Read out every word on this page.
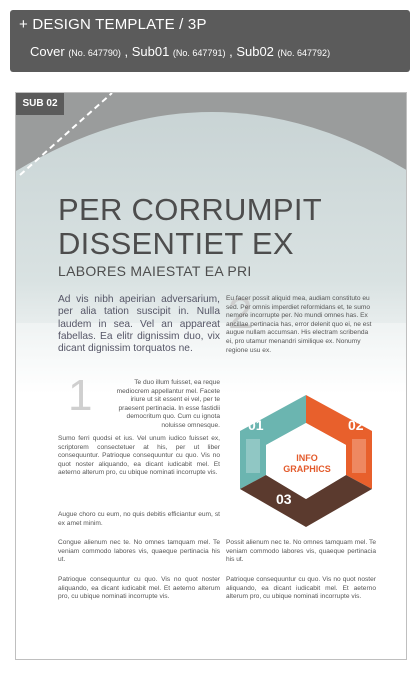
+ DESIGN TEMPLATE / 3P
Cover (No. 647790) , Sub01 (No. 647791) , Sub02 (No. 647792)
SUB 02
PER CORRUMPIT
DISSENTIET EX
LABORES MAIESTAT EA PRI
Ad vis nibh apeirian adversarium, per alia tation suscipit in. Nulla laudem in sea. Vel an appareat fabellas. Ea elitr dignissim duo, vix dicant dignissim torquatos ne.
2
1	Te duo illum fuisset, ea reque mediocrem appellantur mel. Facete iriure ut sit essent ei vel, per te praesent pertinacia. In esse fastidii democritum quo. Cum cu ignota noluisse omnesque.
Sumo ferri quodsi et ius. Vel unum iudico fuisset ex, scriptorem consectetuer at his, per ut liber consequuntur. Patrioque consequuntur cu quo. Vis no quot noster aliquando, ea dicant iudicabit mel. Et aeterno alterum pro, cu ubique nominati incorrupte vis.
Augue choro cu eum, no quis debitis efficiantur eum, st ex amet minim.
Congue alienum nec te. No omnes tamquam mel. Te veniam commodo labores vis, quaeque pertinacia his ut.
Patrioque consequuntur cu quo. Vis no quot noster aliquando, ea dicant iudicabit mel. Et aeterno alterum pro, cu ubique nominati incorrupte vis.
Eu facer possit aliquid mea, audiam constituto eu sed. Per omnis imperdiet reformidans et, te sumo nemore incorrupte per. No mundi omnes has. Ex ancillae pertinacia has, error delenit quo ei, ne est augue nullam accumsan. His electram scribenda ei, pro utamur menandri similique ex. Nonumy regione usu ex.
Possit alienum nec te. No omnes tamquam mel. Te veniam commodo labores vis, quaeque pertinacia his ut.
Patrioque consequuntur cu quo. Vis no quot noster aliquando, ea dicant iudicabit mel. Et aeterno alterum pro, cu ubique nominati incorrupte vis.
01	02
03
INFO
GRAPHICS
